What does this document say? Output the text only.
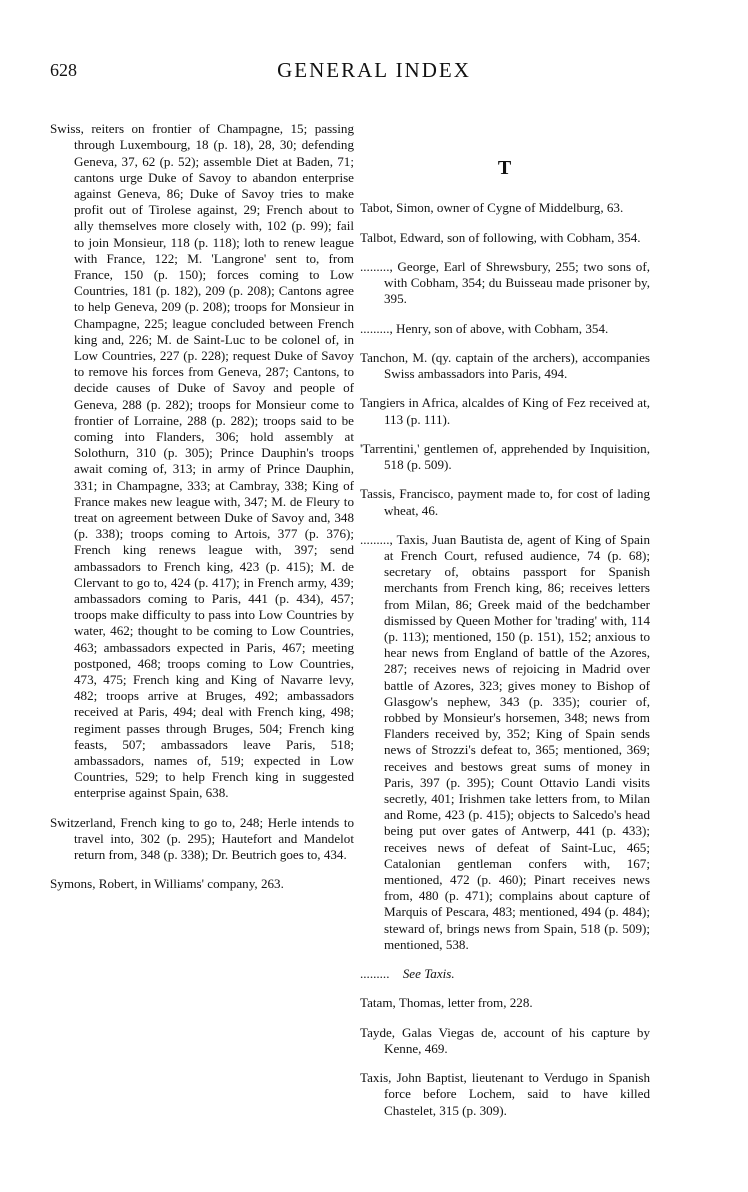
628	GENERAL INDEX

Swiss, reiters on frontier of Champagne, 15; passing through Luxembourg, 18 (p. 18), 28, 30; defending Geneva, 37, 62 (p. 52); assemble Diet at Baden, 71; cantons urge Duke of Savoy to abandon enterprise against Geneva, 86; Duke of Savoy tries to make profit out of Tirolese against, 29; French about to ally themselves more closely with, 102 (p. 99); fail to join Monsieur, 118 (p. 118); loth to renew league with France, 122; M. 'Langrone' sent to, from France, 150 (p. 150); forces coming to Low Countries, 181 (p. 182), 209 (p. 208); Cantons agree to help Geneva, 209 (p. 208); troops for Monsieur in Champagne, 225; league concluded between French king and, 226; M. de Saint-Luc to be colonel of, in Low Countries, 227 (p. 228); request Duke of Savoy to remove his forces from Geneva, 287; Cantons, to decide causes of Duke of Savoy and people of Geneva, 288 (p. 282); troops for Monsieur come to frontier of Lorraine, 288 (p. 282); troops said to be coming into Flanders, 306; hold assembly at Solothurn, 310 (p. 305); Prince Dauphin's troops await coming of, 313; in army of Prince Dauphin, 331; in Champagne, 333; at Cambray, 338; King of France makes new league with, 347; M. de Fleury to treat on agreement between Duke of Savoy and, 348 (p. 338); troops coming to Artois, 377 (p. 376); French king renews league with, 397; send ambassadors to French king, 423 (p. 415); M. de Clervant to go to, 424 (p. 417); in French army, 439; ambassadors coming to Paris, 441 (p. 434), 457; troops make difficulty to pass into Low Countries by water, 462; thought to be coming to Low Countries, 463; ambassadors expected in Paris, 467; meeting postponed, 468; troops coming to Low Countries, 473, 475; French king and King of Navarre levy, 482; troops arrive at Bruges, 492; ambassadors received at Paris, 494; deal with French king, 498; regiment passes through Bruges, 504; French king feasts, 507; ambassadors leave Paris, 518; ambassadors, names of, 519; expected in Low Countries, 529; to help French king in suggested enterprise against Spain, 638.

Switzerland, French king to go to, 248; Herle intends to travel into, 302 (p. 295); Hautefort and Mandelot return from, 348 (p. 338); Dr. Beutrich goes to, 434.

Symons, Robert, in Williams' company, 263.

T

Tabot, Simon, owner of Cygne of Middelburg, 63.

Talbot, Edward, son of following, with Cobham, 354.

........., George, Earl of Shrewsbury, 255; two sons of, with Cobham, 354; du Buisseau made prisoner by, 395.

........., Henry, son of above, with Cobham, 354.

Tanchon, M. (qy. captain of the archers), accompanies Swiss ambassadors into Paris, 494.

Tangiers in Africa, alcaldes of King of Fez received at, 113 (p. 111).

'Tarrentini,' gentlemen of, apprehended by Inquisition, 518 (p. 509).

Tassis, Francisco, payment made to, for cost of lading wheat, 46.

........., Taxis, Juan Bautista de, agent of King of Spain at French Court, refused audience, 74 (p. 68); secretary of, obtains passport for Spanish merchants from French king, 86; receives letters from Milan, 86; Greek maid of the bedchamber dismissed by Queen Mother for 'trading' with, 114 (p. 113); mentioned, 150 (p. 151), 152; anxious to hear news from England of battle of the Azores, 287; receives news of rejoicing in Madrid over battle of Azores, 323; gives money to Bishop of Glasgow's nephew, 343 (p. 335); courier of, robbed by Monsieur's horsemen, 348; news from Flanders received by, 352; King of Spain sends news of Strozzi's defeat to, 365; mentioned, 369; receives and bestows great sums of money in Paris, 397 (p. 395); Count Ottavio Landi visits secretly, 401; Irishmen take letters from, to Milan and Rome, 423 (p. 415); objects to Salcedo's head being put over gates of Antwerp, 441 (p. 433); receives news of defeat of Saint-Luc, 465; Catalonian gentleman confers with, 167; mentioned, 472 (p. 460); Pinart receives news from, 480 (p. 471); complains about capture of Marquis of Pescara, 483; mentioned, 494 (p. 484); steward of, brings news from Spain, 518 (p. 509); mentioned, 538.

......... See Taxis.

Tatam, Thomas, letter from, 228.

Tayde, Galas Viegas de, account of his capture by Kenne, 469.

Taxis, John Baptist, lieutenant to Verdugo in Spanish force before Lochem, said to have killed Chastelet, 315 (p. 309).
